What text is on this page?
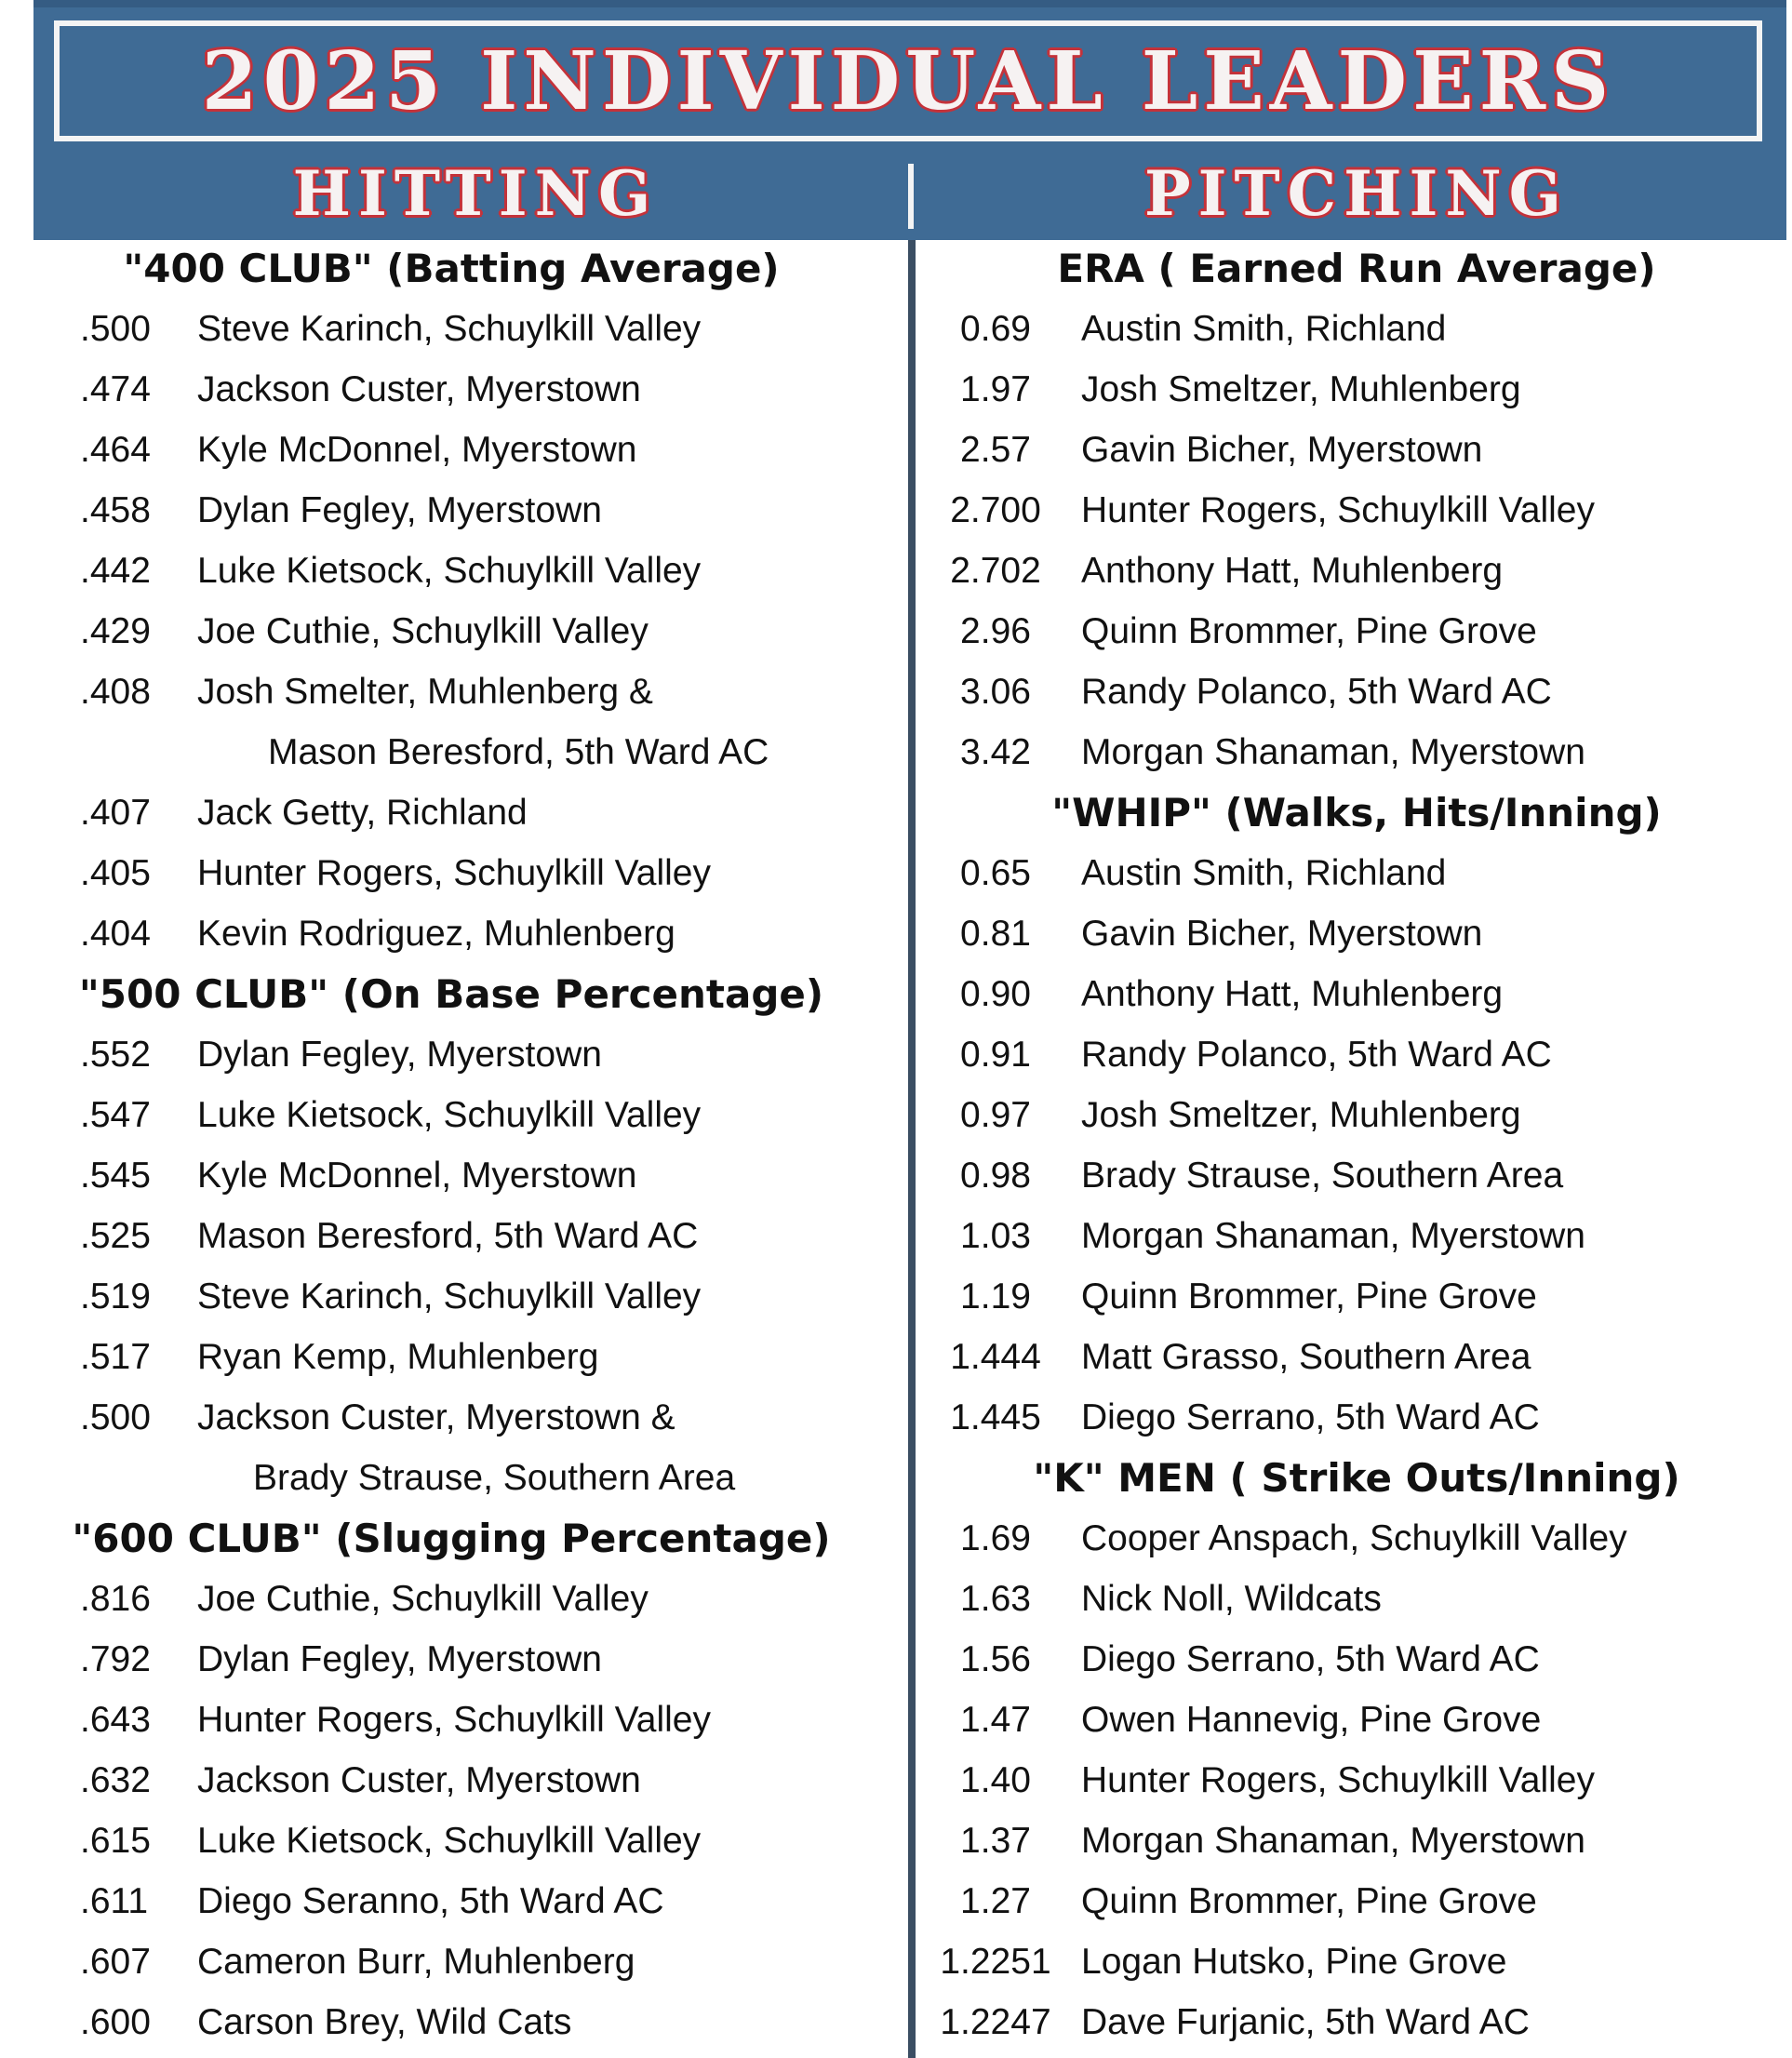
2025 INDIVIDUAL LEADERS
HITTING	PITCHING
"400 CLUB" (Batting Average)
.500 Steve Karinch, Schuylkill Valley
.474 Jackson Custer, Myerstown
.464 Kyle McDonnel, Myerstown
.458 Dylan Fegley, Myerstown
.442 Luke Kietsock, Schuylkill Valley
.429 Joe Cuthie, Schuylkill Valley
.408 Josh Smelter, Muhlenberg &
Mason Beresford, 5th Ward AC
.407 Jack Getty, Richland
.405 Hunter Rogers, Schuylkill Valley
.404 Kevin Rodriguez, Muhlenberg
"500 CLUB" (On Base Percentage)
.552 Dylan Fegley, Myerstown
.547 Luke Kietsock, Schuylkill Valley
.545 Kyle McDonnel, Myerstown
.525 Mason Beresford, 5th Ward AC
.519 Steve Karinch, Schuylkill Valley
.517 Ryan Kemp, Muhlenberg
.500 Jackson Custer, Myerstown &
Brady Strause, Southern Area
"600 CLUB" (Slugging Percentage)
.816 Joe Cuthie, Schuylkill Valley
.792 Dylan Fegley, Myerstown
.643 Hunter Rogers, Schuylkill Valley
.632 Jackson Custer, Myerstown
.615 Luke Kietsock, Schuylkill Valley
.611 Diego Seranno, 5th Ward AC
.607 Cameron Burr, Muhlenberg
.600 Carson Brey, Wild Cats
ERA ( Earned Run Average)
0.69	Austin Smith, Richland
1.97	Josh Smeltzer, Muhlenberg
2.57	Gavin Bicher, Myerstown
2.700	Hunter Rogers, Schuylkill Valley
2.702	Anthony Hatt, Muhlenberg
2.96	Quinn Brommer, Pine Grove
3.06	Randy Polanco, 5th Ward AC
3.42	Morgan Shanaman, Myerstown
"WHIP" (Walks, Hits/Inning)
0.65	Austin Smith, Richland
0.81	Gavin Bicher, Myerstown
0.90	Anthony Hatt, Muhlenberg
0.91	Randy Polanco, 5th Ward AC
0.97	Josh Smeltzer, Muhlenberg
0.98	Brady Strause, Southern Area
1.03	Morgan Shanaman, Myerstown
1.19	Quinn Brommer, Pine Grove
1.444	Matt Grasso, Southern Area
1.445	Diego Serrano, 5th Ward AC
"K" MEN ( Strike Outs/Inning)
1.69	Cooper Anspach, Schuylkill Valley
1.63	Nick Noll, Wildcats
1.56	Diego Serrano, 5th Ward AC
1.47	Owen Hannevig, Pine Grove
1.40	Hunter Rogers, Schuylkill Valley
1.37	Morgan Shanaman, Myerstown
1.27	Quinn Brommer, Pine Grove
1.2251 Logan Hutsko, Pine Grove
1.2247 Dave Furjanic, 5th Ward AC
